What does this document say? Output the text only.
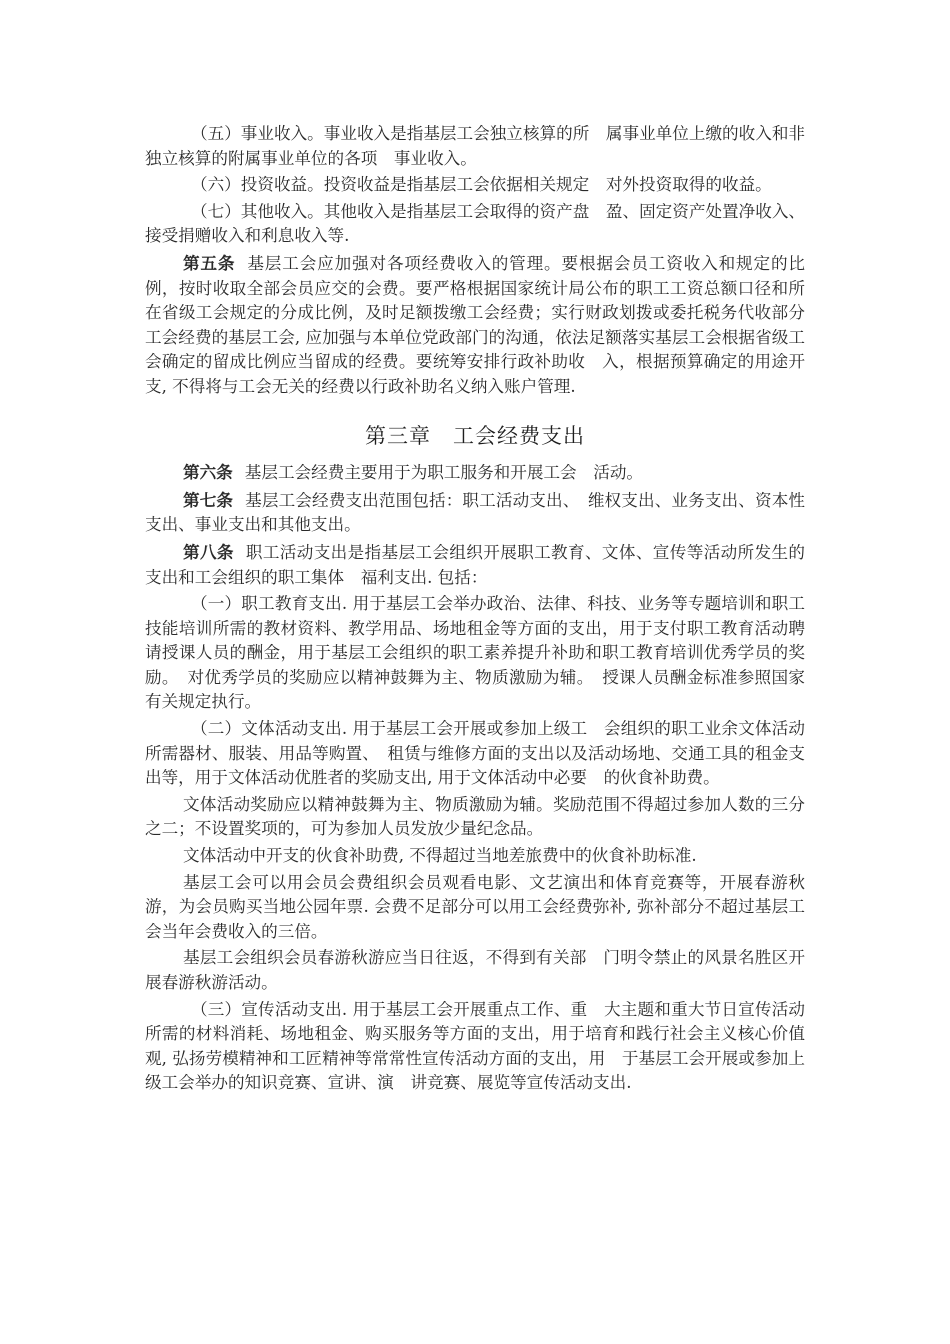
（五）事业收入。事业收入是指基层工会独立核算的所　属事业单位上缴的收入和非独立核算的附属事业单位的各项　事业收入。

（六）投资收益。投资收益是指基层工会依据相关规定　对外投资取得的收益。

（七）其他收入。其他收入是指基层工会取得的资产盘　盈、固定资产处置净收入、接受捐赠收入和利息收入等.

第五条 基层工会应加强对各项经费收入的管理。要根据会员工资收入和规定的比例，按时收取全部会员应交的会费。要严格根据国家统计局公布的职工工资总额口径和所在省级工会规定的分成比例，及时足额拨缴工会经费；实行财政划拨或委托税务代收部分工会经费的基层工会, 应加强与本单位党政部门的沟通，依法足额落实基层工会根据省级工　会确定的留成比例应当留成的经费。要统筹安排行政补助收　入，根据预算确定的用途开支, 不得将与工会无关的经费以行政补助名义纳入账户管理.

第三章　工会经费支出

第六条 基层工会经费主要用于为职工服务和开展工会　活动。

第七条 基层工会经费支出范围包括：职工活动支出、　维权支出、业务支出、资本性支出、事业支出和其他支出。

第八条 职工活动支出是指基层工会组织开展职工教育、文体、宣传等活动所发生的支出和工会组织的职工集体　福利支出. 包括：

（一）职工教育支出. 用于基层工会举办政治、法律、科技、业务等专题培训和职工技能培训所需的教材资料、教学用品、场地租金等方面的支出，用于支付职工教育活动聘　请授课人员的酬金，用于基层工会组织的职工素养提升补助和职工教育培训优秀学员的奖励。　对优秀学员的奖励应以精神鼓舞为主、物质激励为辅。　授课人员酬金标准参照国家有关规定执行。

（二）文体活动支出. 用于基层工会开展或参加上级工　会组织的职工业余文体活动所需器材、服装、用品等购置、　租赁与维修方面的支出以及活动场地、交通工具的租金支出等，用于文体活动优胜者的奖励支出, 用于文体活动中必要　的伙食补助费。

文体活动奖励应以精神鼓舞为主、物质激励为辅。奖励范围不得超过参加人数的三分之二；不设置奖项的，可为参加人员发放少量纪念品。

文体活动中开支的伙食补助费, 不得超过当地差旅费中的伙食补助标准.

基层工会可以用会员会费组织会员观看电影、文艺演出和体育竞赛等，开展春游秋游，为会员购买当地公园年票. 会费不足部分可以用工会经费弥补, 弥补部分不超过基层工　会当年会费收入的三倍。

基层工会组织会员春游秋游应当日往返，不得到有关部　门明令禁止的风景名胜区开展春游秋游活动。

（三）宣传活动支出. 用于基层工会开展重点工作、重　大主题和重大节日宣传活动所需的材料消耗、场地租金、购买服务等方面的支出，用于培育和践行社会主义核心价值观, 弘扬劳模精神和工匠精神等常常性宣传活动方面的支出，用　于基层工会开展或参加上级工会举办的知识竞赛、宣讲、演　讲竞赛、展览等宣传活动支出.
